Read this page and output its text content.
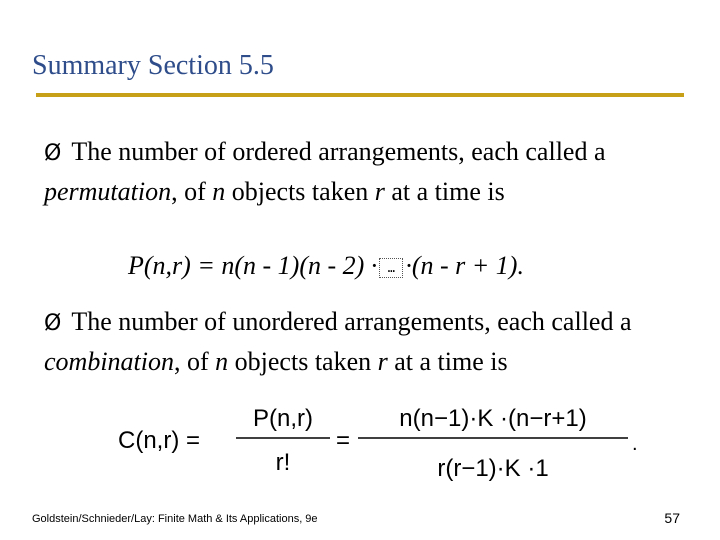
Summary Section 5.5

Ø The number of ordered arrangements, each called a permutation, of n objects taken r at a time is

P(n,r) = n(n - 1)(n - 2) · … ·(n - r + 1).

Ø The number of unordered arrangements, each called a combination, of n objects taken r at a time is

C(n,r) =
P(n,r)
r!
=
n(n−1)·K ·(n−r+1)
r(r−1)·K ·1
.
Goldstein/Schnieder/Lay: Finite Math & Its Applications, 9e	57
